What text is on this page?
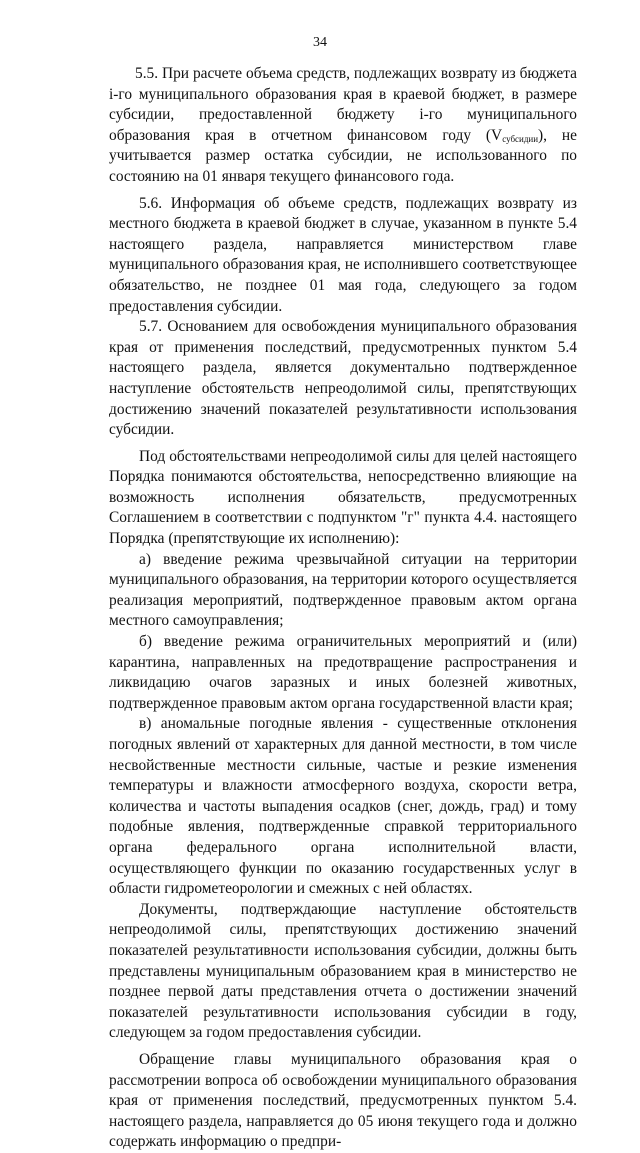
34

5.5. При расчете объема средств, подлежащих возврату из бюджета i-го муниципального образования края в краевой бюджет, в размере субсидии, предоставленной бюджету i-го муниципального образования края в отчетном финансовом году $(V_{субсидии})$, не учитывается размер остатка субсидии, не использованного по состоянию на 01 января текущего финансового года.

5.6. Информация об объеме средств, подлежащих возврату из местного бюджета в краевой бюджет в случае, указанном в пункте 5.4 настоящего раздела, направляется министерством главе муниципального образования края, не исполнившего соответствующее обязательство, не позднее 01 мая года, следующего за годом предоставления субсидии.

5.7. Основанием для освобождения муниципального образования края от применения последствий, предусмотренных пунктом 5.4 настоящего раздела, является документально подтвержденное наступление обстоятельств непреодолимой силы, препятствующих достижению значений показателей результативности использования субсидии.

Под обстоятельствами непреодолимой силы для целей настоящего Порядка понимаются обстоятельства, непосредственно влияющие на возможность исполнения обязательств, предусмотренных Соглашением в соответствии с подпунктом "г" пункта 4.4. настоящего Порядка (препятствующие их исполнению):

а) введение режима чрезвычайной ситуации на территории муниципального образования, на территории которого осуществляется реализация мероприятий, подтвержденное правовым актом органа местного самоуправления;

б) введение режима ограничительных мероприятий и (или) карантина, направленных на предотвращение распространения и ликвидацию очагов заразных и иных болезней животных, подтвержденное правовым актом органа государственной власти края;

в) аномальные погодные явления - существенные отклонения погодных явлений от характерных для данной местности, в том числе несвойственные местности сильные, частые и резкие изменения температуры и влажности атмосферного воздуха, скорости ветра, количества и частоты выпадения осадков (снег, дождь, град) и тому подобные явления, подтвержденные справкой территориального органа федерального органа исполнительной власти, осуществляющего функции по оказанию государственных услуг в области гидрометеорологии и смежных с ней областях.

Документы, подтверждающие наступление обстоятельств непреодолимой силы, препятствующих достижению значений показателей результативности использования субсидии, должны быть представлены муниципальным образованием края в министерство не позднее первой даты представления отчета о достижении значений показателей результативности использования субсидии в году, следующем за годом предоставления субсидии.

Обращение главы муниципального образования края о рассмотрении вопроса об освобождении муниципального образования края от применения последствий, предусмотренных пунктом 5.4. настоящего раздела, направляется до 05 июня текущего года и должно содержать информацию о предпри-
